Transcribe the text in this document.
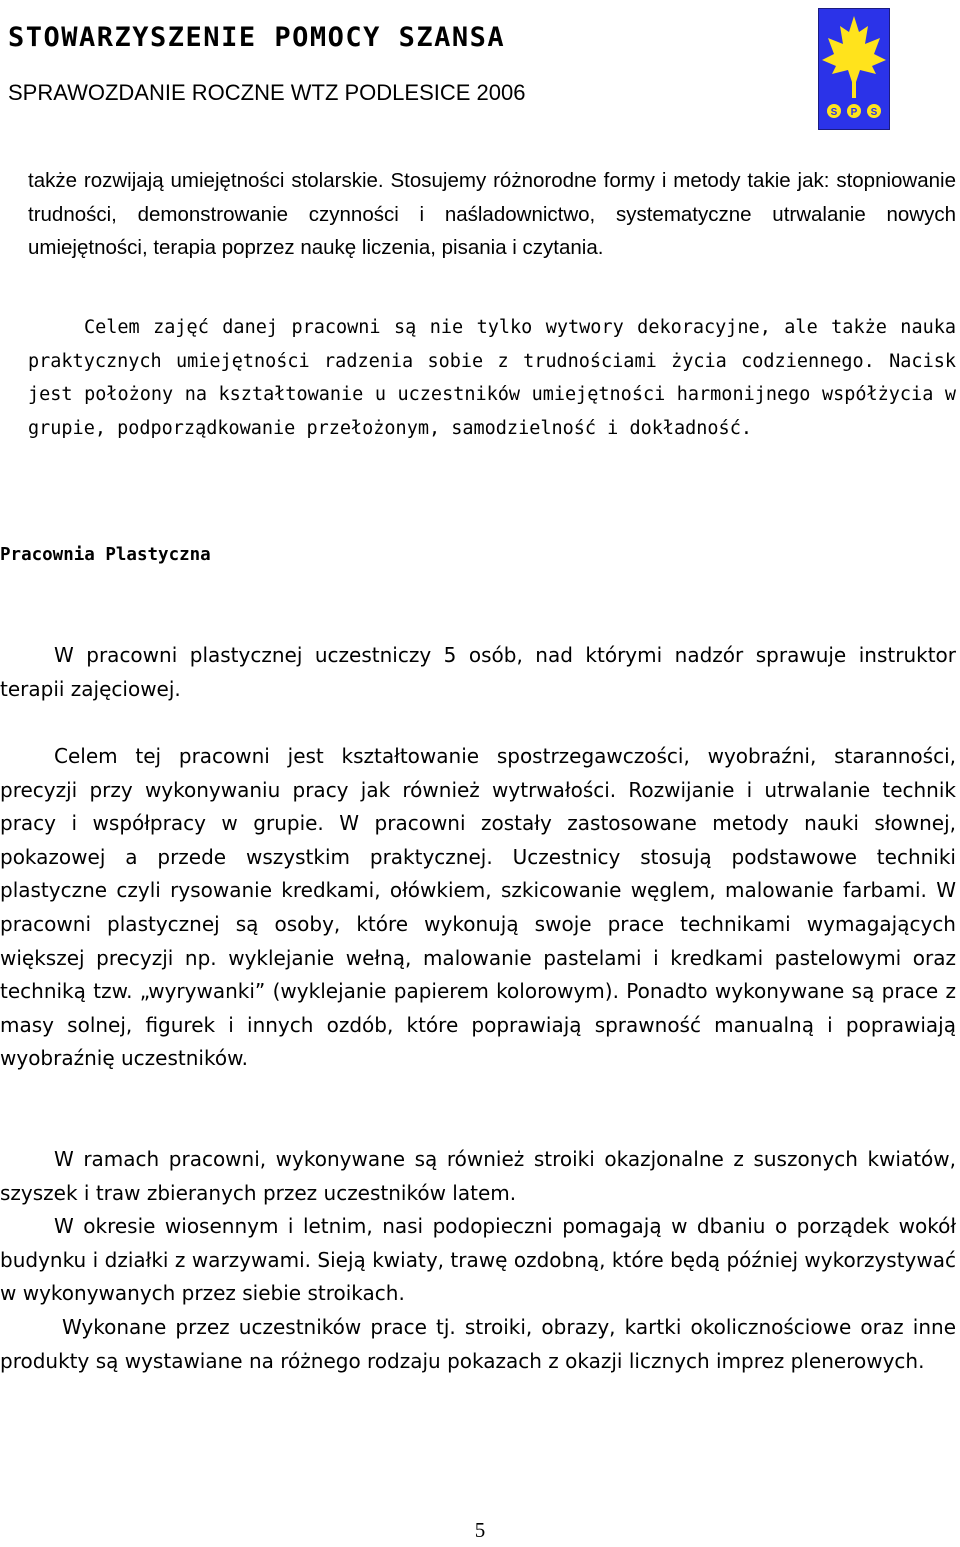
STOWARZYSZENIE POMOCY SZANSA
SPRAWOZDANIE ROCZNE WTZ PODLESICE 2006
S P S
także rozwijają umiejętności stolarskie. Stosujemy różnorodne formy i metody takie jak: stopniowanie trudności, demonstrowanie czynności i naśladownictwo, systematyczne utrwalanie nowych umiejętności, terapia poprzez naukę liczenia, pisania i czytania.
Celem zajęć danej pracowni są nie tylko wytwory dekoracyjne, ale także nauka praktycznych umiejętności radzenia sobie z trudnościami życia codziennego. Nacisk jest położony na kształtowanie u uczestników umiejętności harmonijnego współżycia w grupie, podporządkowanie przełożonym, samodzielność i dokładność.
Pracownia Plastyczna
W pracowni plastycznej uczestniczy 5 osób, nad którymi nadzór sprawuje instruktor terapii zajęciowej.
Celem tej pracowni jest kształtowanie spostrzegawczości, wyobraźni, staranności, precyzji przy wykonywaniu pracy jak również wytrwałości. Rozwijanie i utrwalanie technik pracy i współpracy w grupie. W pracowni zostały zastosowane metody nauki słownej, pokazowej a przede wszystkim praktycznej. Uczestnicy stosują podstawowe techniki plastyczne czyli rysowanie kredkami, ołówkiem, szkicowanie węglem, malowanie farbami. W pracowni plastycznej są osoby, które wykonują swoje prace technikami wymagających większej precyzji np. wyklejanie wełną, malowanie pastelami i kredkami pastelowymi oraz techniką tzw. „wyrywanki” (wyklejanie papierem kolorowym). Ponadto wykonywane są prace z masy solnej, figurek i innych ozdób, które poprawiają sprawność manualną i poprawiają wyobraźnię uczestników.
W ramach pracowni, wykonywane są również stroiki okazjonalne z suszonych kwiatów, szyszek i traw zbieranych przez uczestników latem.
W okresie wiosennym i letnim, nasi podopieczni pomagają w dbaniu o porządek wokół budynku i działki z warzywami. Sieją kwiaty, trawę ozdobną, które będą później wykorzystywać w wykonywanych przez siebie stroikach.
Wykonane przez uczestników prace tj. stroiki, obrazy, kartki okolicznościowe oraz inne produkty są wystawiane na różnego rodzaju pokazach z okazji licznych imprez plenerowych.
5
